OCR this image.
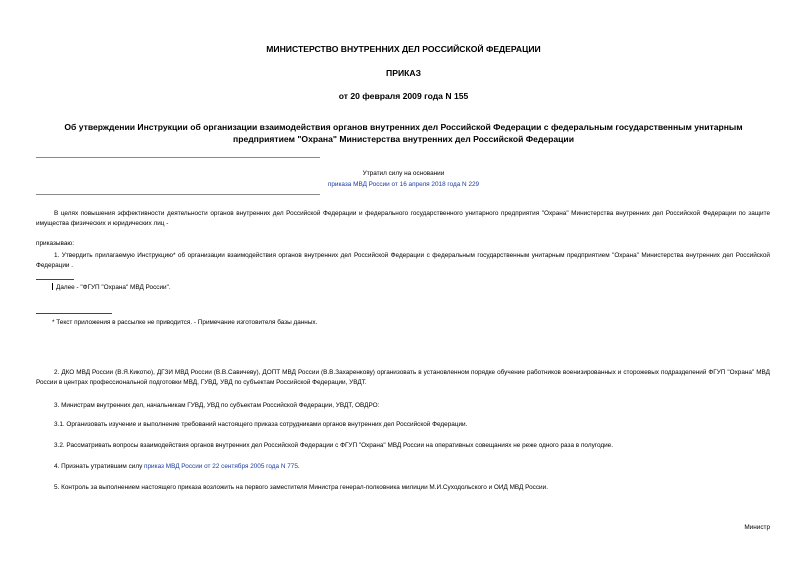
МИНИСТЕРСТВО ВНУТРЕННИХ ДЕЛ РОССИЙСКОЙ ФЕДЕРАЦИИ
ПРИКАЗ
от 20 февраля 2009 года N 155
Об утверждении Инструкции об организации взаимодействия органов внутренних дел Российской Федерации с федеральным государственным унитарным
предприятием "Охрана" Министерства внутренних дел Российской Федерации
Утратил силу на основании
приказа МВД России от 16 апреля 2018 года N 229
В целях повышения эффективности деятельности органов внутренних дел Российской Федерации и федерального государственного унитарного предприятия "Охрана" Министерства внутренних дел Российской Федерации по защите имущества физических и юридических лиц -
приказываю:
1. Утвердить прилагаемую Инструкцию* об организации взаимодействия органов внутренних дел Российской Федерации с федеральным государственным унитарным предприятием "Охрана" Министерства внутренних дел Российской Федерации .
Далее - "ФГУП "Охрана" МВД России".
* Текст приложения в рассылке не приводится. - Примечание изготовителя базы данных.
2. ДКО МВД России (В.Я.Кикотю), ДГЗИ МВД России (В.В.Савичеву), ДОПТ МВД России (В.В.Захаренкову) организовать в установленном порядке обучение работников военизированных и сторожевых подразделений ФГУП "Охрана" МВД России в центрах профессиональной подготовки МВД, ГУВД, УВД по субъектам Российской Федерации, УВДТ.
3. Министрам внутренних дел, начальникам ГУВД, УВД по субъектам Российской Федерации, УВДТ, ОВДРО:
3.1. Организовать изучение и выполнение требований настоящего приказа сотрудниками органов внутренних дел Российской Федерации.
3.2. Рассматривать вопросы взаимодействия органов внутренних дел Российской Федерации с ФГУП "Охрана" МВД России на оперативных совещаниях не реже одного раза в полугодие.
4. Признать утратившим силу приказ МВД России от 22 сентября 2005 года N 775.
5. Контроль за выполнением настоящего приказа возложить на первого заместителя Министра генерал-полковника милиции М.И.Суходольского и ОИД МВД России.
Министр
